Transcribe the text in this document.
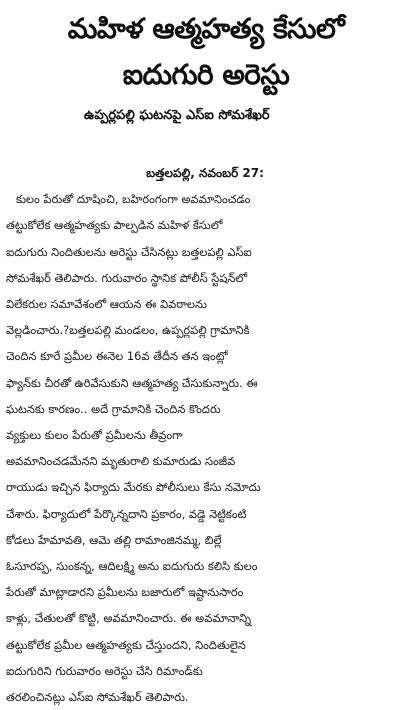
మహిళ ఆత్మహత్య కేసులో
ఐదుగురి అరెస్టు
ఉప్పర్లపల్లి ఘటనపై ఎస్‌ఐ సోమశేఖర్
బత్తలపల్లి, నవంబర్ 27:
కులం పేరుతో దూషించి, బహిరంగంగా అవమానించడం
తట్టుకోలేక ఆత్మహత్యకు పాల్పడిన మహిళ కేసులో
ఐదుగురు నిందితులను అరెస్టు చేసినట్లు బత్తలపల్లి ఎస్‌ఐ
సోమశేఖర్ తెలిపారు. గురువారం స్థానిక పోలీస్ స్టేషన్‌లో
విలేకరుల సమావేశంలో ఆయన ఈ వివరాలను
వెల్లడించారు.?బత్తలపల్లి మండలం, ఉప్పర్లపల్లి గ్రామానికి
చెందిన కూరే ప్రమీల ఈనెల 16వ తేదీన తన ఇంట్లో
ఫ్యాన్‌కు చీరతో ఉరివేసుకుని ఆత్మహత్య చేసుకున్నారు. ఈ
ఘటనకు కారణం.. అదే గ్రామానికి చెందిన కొందరు
వ్యక్తులు కులం పేరుతో ప్రమీలను తీవ్రంగా
అవమానించడమేనని మృతురాలి కుమారుడు సంజీవ
రాయుడు ఇచ్చిన ఫిర్యాదు మేరకు పోలీసులు కేసు నమోదు
చేశారు. ఫిర్యాదులో పేర్కొన్నదాని ప్రకారం, వడ్డె నెట్టికంటి
కోడలు హేమావతి, ఆమె తల్లి రామాంజినమ్మ, బిల్లే
ఓసూరప్ప, సుంకన్న, ఆదిలక్ష్మి అను ఐదుగురు కలిసి కులం
పేరుతో మాట్లాడారని ప్రమీలను బజారులో ఇష్టానుసారం
కాళ్లు, చేతులతో కొట్టి, అవమానించారు. ఈ అవమానాన్ని
తట్టుకోలేక ప్రమీల ఆత్మహత్యకు చేస్తుందని, నిందితులైన
ఐదుగురిని గురువారం అరెస్టు చేసి రిమాండ్‌కు
తరలించినట్లు ఎస్‌ఐ సోమశేఖర్ తెలిపారు.
